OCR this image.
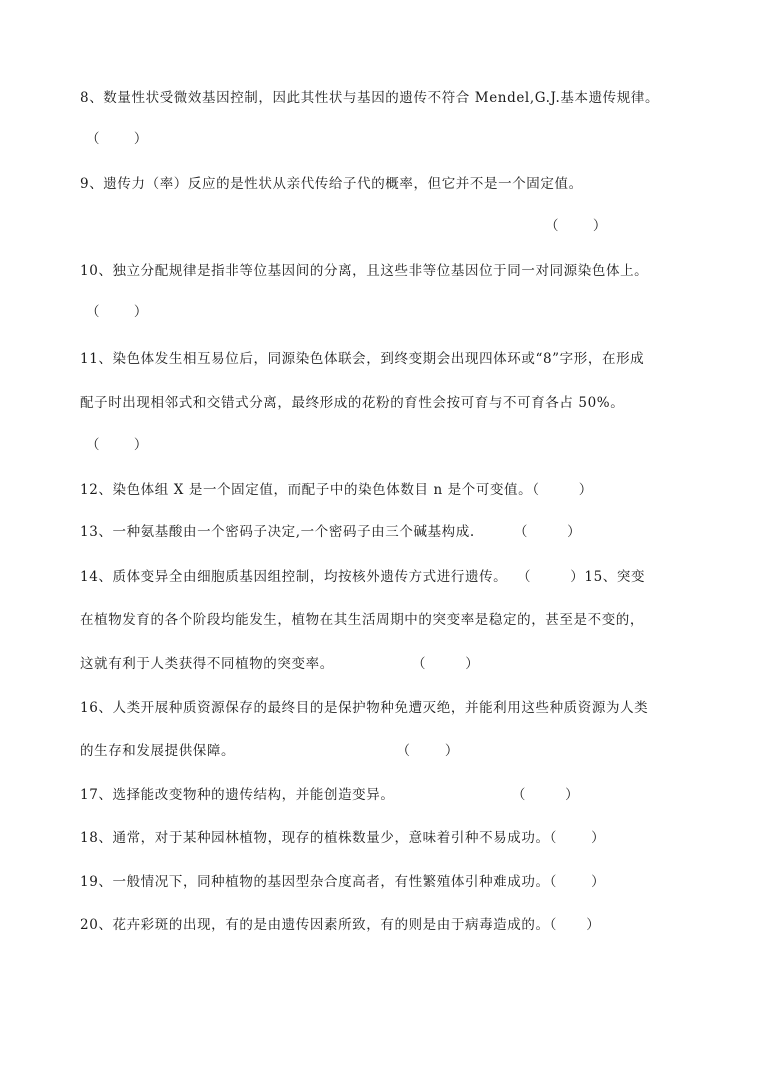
8、数量性状受微效基因控制，因此其性状与基因的遗传不符合 Mendel,G.J.基本遗传规律。
（        ）
9、遗传力（率）反应的是性状从亲代传给子代的概率，但它并不是一个固定值。
（        ）
10、独立分配规律是指非等位基因间的分离，且这些非等位基因位于同一对同源染色体上。
（        ）
11、染色体发生相互易位后，同源染色体联会，到终变期会出现四体环或“8”字形，在形成
配子时出现相邻式和交错式分离，最终形成的花粉的育性会按可育与不可育各占 50%。
（        ）
12、染色体组 X 是一个固定值，而配子中的染色体数目 n 是个可变值。（        ）
13、一种氨基酸由一个密码子决定,一个密码子由三个碱基构成.        （        ）
14、质体变异全由细胞质基因组控制，均按核外遗传方式进行遗传。  （        ）15、突变
在植物发育的各个阶段均能发生，植物在其生活周期中的突变率是稳定的，甚至是不变的，
这就有利于人类获得不同植物的突变率。                （        ）
16、人类开展种质资源保存的最终目的是保护物种免遭灭绝，并能利用这些种质资源为人类
的生存和发展提供保障。                                 （       ）
17、选择能改变物种的遗传结构，并能创造变异。                        （        ）
18、通常，对于某种园林植物，现存的植株数量少，意味着引种不易成功。（       ）
19、一般情况下，同种植物的基因型杂合度高者，有性繁殖体引种难成功。（       ）
20、花卉彩斑的出现，有的是由遗传因素所致，有的则是由于病毒造成的。（      ）
